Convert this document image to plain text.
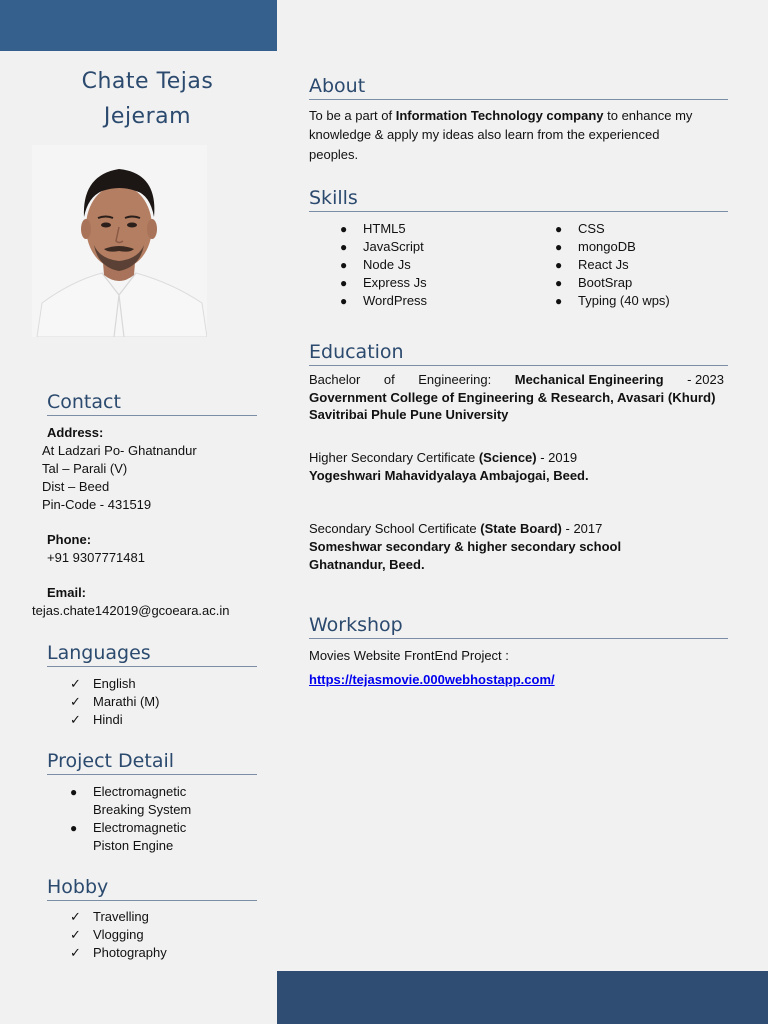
Chate Tejas
Jejeram
Contact
Address:
At Ladzari Po- Ghatnandur
Tal – Parali (V)
Dist – Beed
Pin-Code - 431519
Phone:
+91 9307771481
Email:
tejas.chate142019@gcoeara.ac.in
Languages
✓ English
✓ Marathi (M)
✓ Hindi
Project Detail
● Electromagnetic
Breaking System
● Electromagnetic
Piston Engine
Hobby
✓ Travelling
✓ Vlogging
✓ Photography
About
To be a part of Information Technology company to enhance my
knowledge & apply my ideas also learn from the experienced
peoples.
Skills
● HTML5
● JavaScript
● Node Js
● Express Js
● WordPress
● CSS
● mongoDB
● React Js
● BootSrap
● Typing (40 wps)
Education
Bachelor of Engineering: Mechanical Engineering - 2023
Government College of Engineering & Research, Avasari (Khurd)
Savitribai Phule Pune University
Higher Secondary Certificate (Science) - 2019
Yogeshwari Mahavidyalaya Ambajogai, Beed.
Secondary School Certificate (State Board) - 2017
Someshwar secondary & higher secondary school
Ghatnandur, Beed.
Workshop
Movies Website FrontEnd Project :
https://tejasmovie.000webhostapp.com/
